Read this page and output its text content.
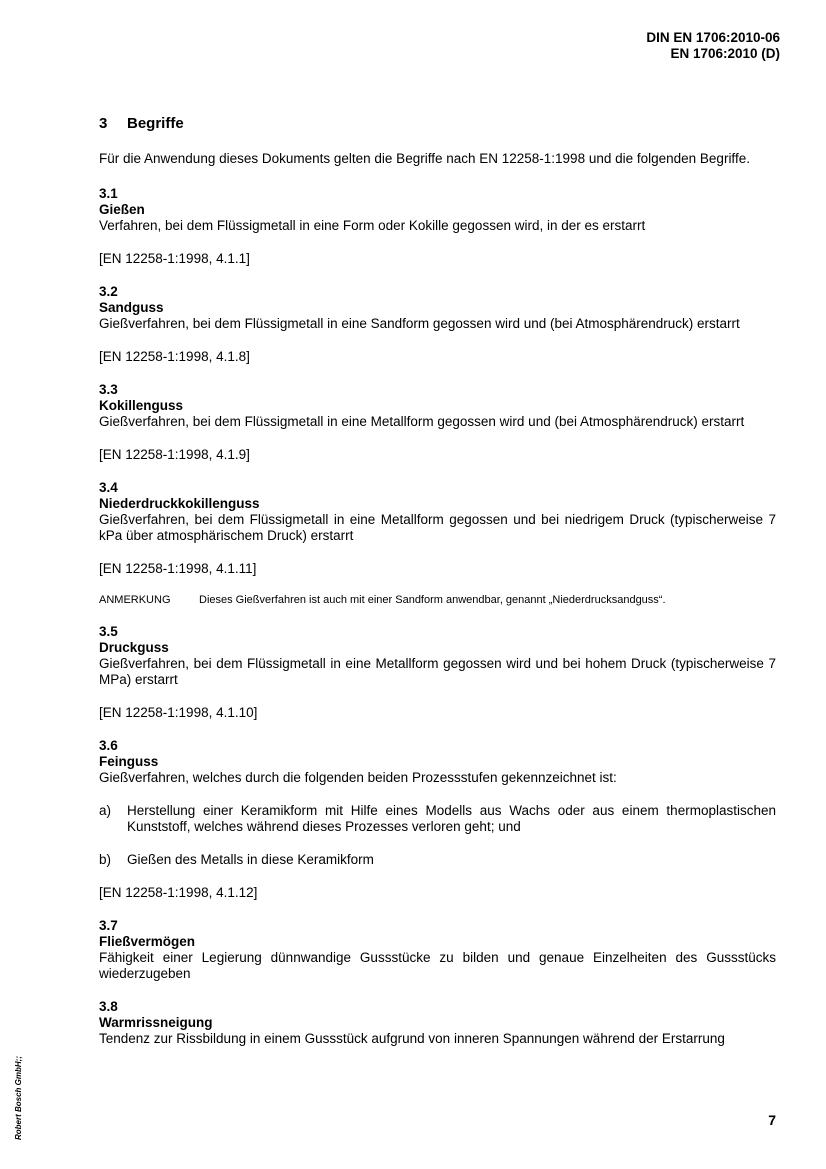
DIN EN 1706:2010-06
EN 1706:2010 (D)
3 Begriffe
Für die Anwendung dieses Dokuments gelten die Begriffe nach EN 12258-1:1998 und die folgenden Begriffe.
3.1
Gießen
Verfahren, bei dem Flüssigmetall in eine Form oder Kokille gegossen wird, in der es erstarrt
[EN 12258-1:1998, 4.1.1]
3.2
Sandguss
Gießverfahren, bei dem Flüssigmetall in eine Sandform gegossen wird und (bei Atmosphärendruck) erstarrt
[EN 12258-1:1998, 4.1.8]
3.3
Kokillenguss
Gießverfahren, bei dem Flüssigmetall in eine Metallform gegossen wird und (bei Atmosphärendruck) erstarrt
[EN 12258-1:1998, 4.1.9]
3.4
Niederdruckkokillenguss
Gießverfahren, bei dem Flüssigmetall in eine Metallform gegossen und bei niedrigem Druck (typischerweise 7 kPa über atmosphärischem Druck) erstarrt
[EN 12258-1:1998, 4.1.11]
ANMERKUNG	Dieses Gießverfahren ist auch mit einer Sandform anwendbar, genannt „Niederdrucksandguss“.
3.5
Druckguss
Gießverfahren, bei dem Flüssigmetall in eine Metallform gegossen wird und bei hohem Druck (typischerweise 7 MPa) erstarrt
[EN 12258-1:1998, 4.1.10]
3.6
Feinguss
Gießverfahren, welches durch die folgenden beiden Prozessstufen gekennzeichnet ist:
a)	Herstellung einer Keramikform mit Hilfe eines Modells aus Wachs oder aus einem thermoplastischen Kunststoff, welches während dieses Prozesses verloren geht; und
b)	Gießen des Metalls in diese Keramikform
[EN 12258-1:1998, 4.1.12]
3.7
Fließvermögen
Fähigkeit einer Legierung dünnwandige Gussstücke zu bilden und genaue Einzelheiten des Gussstücks wiederzugeben
3.8
Warmrissneigung
Tendenz zur Rissbildung in einem Gussstück aufgrund von inneren Spannungen während der Erstarrung
Robert Bosch GmbH;;	7
